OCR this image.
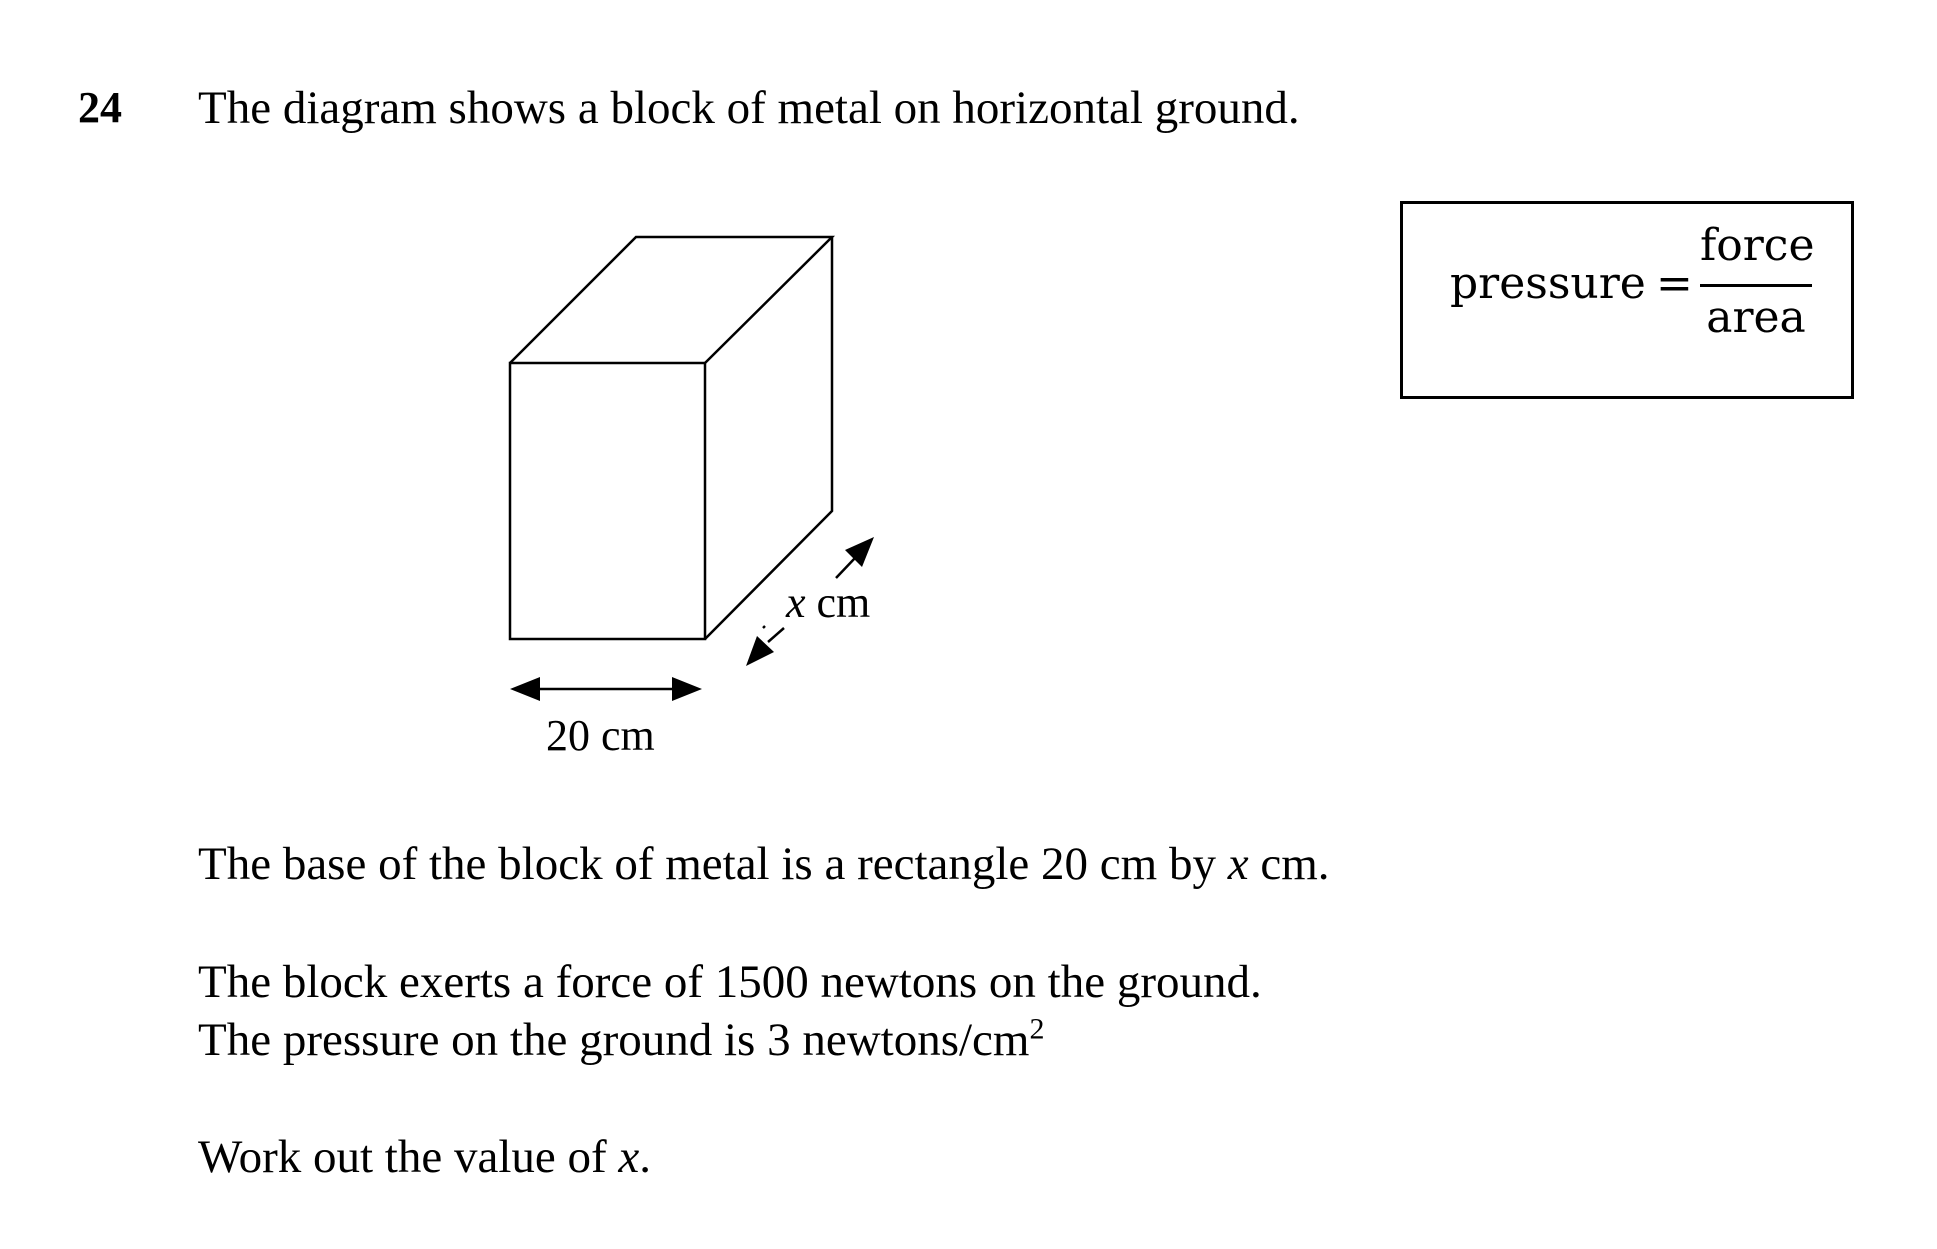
24 The diagram shows a block of metal on horizontal ground.
pressure =
force
area
20 cm
x cm
The base of the block of metal is a rectangle 20 cm by x cm.
The block exerts a force of 1500 newtons on the ground.
The pressure on the ground is 3 newtons/$cm^2$
Work out the value of x.
